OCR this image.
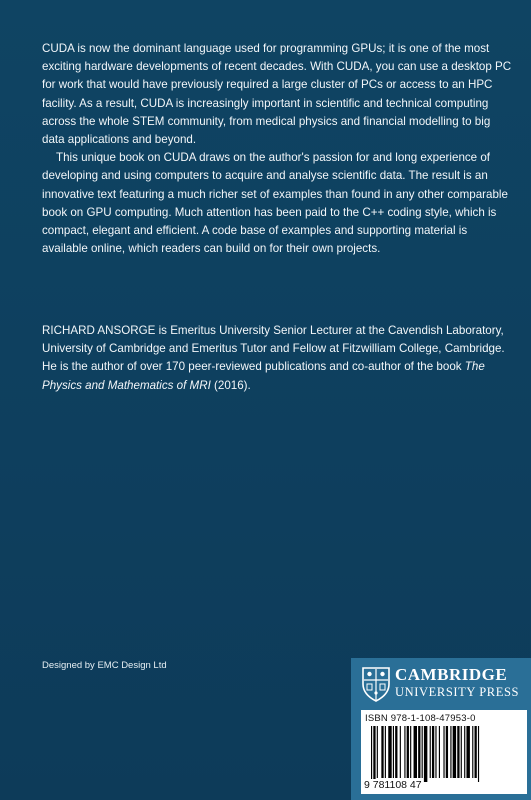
CUDA is now the dominant language used for programming GPUs; it is one of the most exciting hardware developments of recent decades. With CUDA, you can use a desktop PC for work that would have previously required a large cluster of PCs or access to an HPC facility. As a result, CUDA is increasingly important in scientific and technical computing across the whole STEM community, from medical physics and financial modelling to big data applications and beyond.

This unique book on CUDA draws on the author's passion for and long experience of developing and using computers to acquire and analyse scientific data. The result is an innovative text featuring a much richer set of examples than found in any other comparable book on GPU computing. Much attention has been paid to the C++ coding style, which is compact, elegant and efficient. A code base of examples and supporting material is available online, which readers can build on for their own projects.

RICHARD ANSORGE is Emeritus University Senior Lecturer at the Cavendish Laboratory, University of Cambridge and Emeritus Tutor and Fellow at Fitzwilliam College, Cambridge. He is the author of over 170 peer-reviewed publications and co-author of the book The Physics and Mathematics of MRI (2016).

Designed by EMC Design Ltd	CAMBRIDGE
UNIVERSITY PRESS
ISBN 978-1-108-47953-0
9 781108 47
